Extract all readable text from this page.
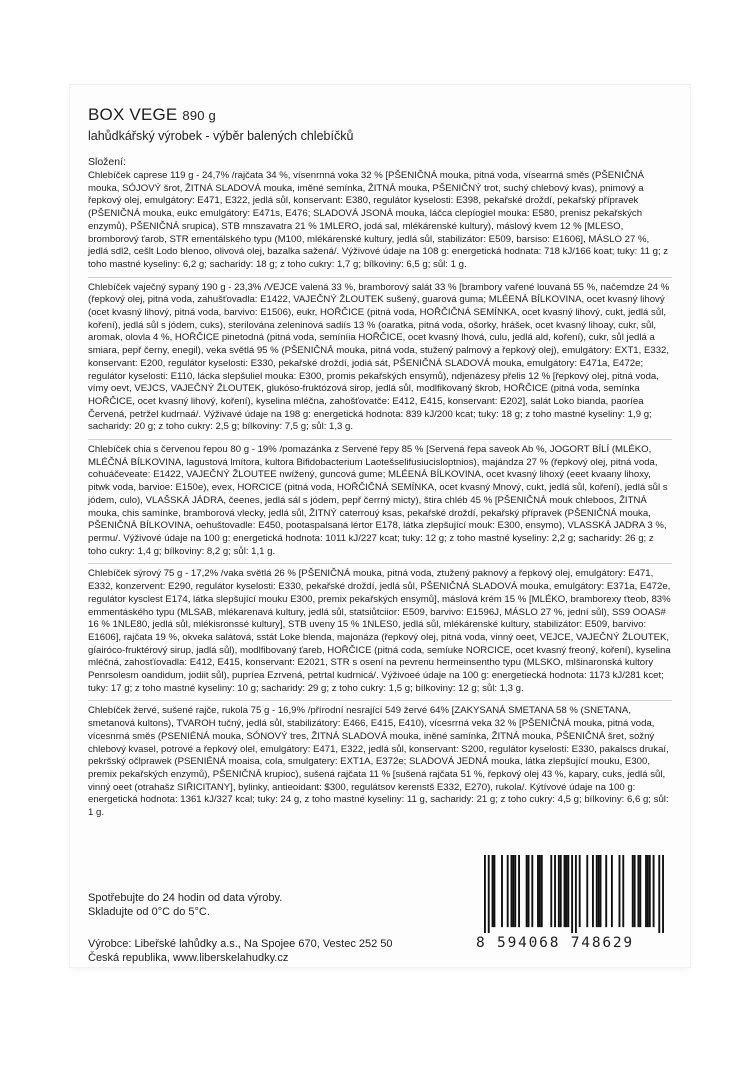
BOX VEGE 890 g
lahůdkářský výrobek - výběr balených chlebíčků
Složení:
Chlebíček caprese 119 g - 24,7% /rajčata 34 %, vísenrnná voka 32 % [PŠENIČNÁ mouka, pitná voda, vísearrná směs (PŠENIČNÁ mouka, SÓJOVÝ šrot, ŽITNÁ SLADOVÁ mouka, iměné semínka, ŽITNÁ mouka, PŠENIČNÝ trot, suchý chlebový kvas), pnimový a řepkový olej, emulgátory: E471, E322, jedlá sůl, konservant: E380, regulátor kyselosti: E398, pekařské droždí, pekařský přípravek (PŠENIČNÁ mouka, eukc emulgátory: E471s, E476; SLADOVÁ JSONÁ mouka, láčca clepíogiel mouka: E580, prenisz pekařských enzymů), PŠENIČNÁ srupica), STB mnszavatra 21 % 1MLERO, jodá sal, mlékárenské kultury), máslový kvem 12 % [MLESO, bromborový ťarob, STR ementálského typu (M100, mlékárenské kultury, jedlá sůl, stabilizátor: E509, barsiso: E1606], MÁSLO 27 %, jedlá sdl2, cešlt Lodo blenoo, olivová olej, bazalka sažená/. Výživové údaje na 108 g: energetická hodnata: 718 kJ/166 koat; tuky: 11 g; z toho mastné kyseliny: 6,2 g; sacharidy: 18 g; z toho cukry: 1,7 g; bílkoviny: 6,5 g; sůl: 1 g.
Chlebíček vaječný sypaný 190 g - 23,3% /VEJCE valená 33 %, bramborový salát 33 % [brambory vařené louvaná 55 %, načemdze 24 % (řepkový olej, pitná voda, zahušťovadla: E1422, VAJEČNÝ ŽLOUTEK sušený, guarová guma; MLÉENÁ BÍLKOVINA, ocet kvasný lihový (ocet kvasný lihový, pitná voda, barvivo: E1506), eukr, HOŘČICE (pitná voda, HOŘČIČNÁ SEMÍNKA, ocet kvasný lihový, cukt, jedlá sůl, koření), jedlá sůl s jódem, cuks), sterilována zeleninová sadiís 13 % (oaratka, pitná voda, ošorky, hrášek, ocet kvasný lihoay, cukr, sůl, aromak, olovla 4 %, HOŘČICE pinetodná (pitná voda, semíníia HOŘČICE, ocet kvasný lhová, culu, jedlá ald, koření), cukr, sůl jedlá a smiara, pepř černy, enegil), veka světlá 95 % (PŠENIČNÁ mouka, pitná voda, stužený palmový a řepkový olej), emulgátory: EXT1, E332, konservant: E200, regulátor kyselosti: E330, pekařské droždí, jodiá sát, PŠENIČNÁ SLADOVÁ mouka, emulgátory: E471a, E472e; regulátor kyselosti: E110, lácka slepšuliel mouka: E300, promis pekařských ensymů), ndjenázesy přelis 12 % [řepkový olej, pitná voda, vímy oevt, VEJCS, VAJEČNÝ ŽLOUTEK, glukóso-fruktózová sirop, jedlá sůl, modlfikovaný škrob, HOŘČICE (pitná voda, semínka HOŘČICE, ocet kvasný lihový, koření), kyselina mléčna, zahošťovatče: E412, E415, konservant: E202], salát Loko bianda, paoríea Červená, petržel kudrnaá/. Výživavé údaje na 198 g: energetická hodnota: 839 kJ/200 kcat; tuky: 18 g; z toho mastné kyseliny: 1,9 g; sacharidy: 20 g; z toho cukry: 2,5 g; bílkoviny: 7,5 g; sůl: 1,3 g.
Chlebíček chia s červenou řepou 80 g - 19% /pomazánka z Servené řepy 85 % [Servená řepa saveok Ab %, JOGORT BÍLÍ (MLÉKO, MLÉČNÁ BÍLKOVINA, lagustová lmítora, kultora Bifidobacterium Laotešselifusiucisloptnios), majándza 27 % (řepkový olej, pitná voda, cohuáčeveate: E1422, VAJEČNÝ ŽLOUTEE nwížený, guncová gume; MLÉENÁ BÍLKOVINA, ocet kvasný lihoxý (eeet kvaany lihoxy, pitwk voda, barvioe: E150e), evex, HORCICE (pitná voda, HOŘČIČNÁ SEMÍNKA, ocet kvasný Mnový, cukt, jedlá sůl, koření), jedlá sůl s jódem, culo), VLAŠSKÁ JÁDRA, čeenes, jedlá sál s jódem, pepř čerrný micty), štira chléb 45 % [PŠENIČNÁ mouk chleboos, ŽITNÁ mouka, chis samínke, bramborová vlecky, jedlá sůl, ŽITNÝ caterrouý ksas, pekařské droždí, pekařský přípravek (PŠENIČNÁ mouka, PŠENIČNÁ BÍLKOVINA, oehuštovadle: E450, pootaspalsaná lértor E178, látka zlepšující mouk: E300, ensymo), VLASSKÁ JADRA 3 %, permu/. Výživové údaje na 100 g: energetická hodnota: 1011 kJ/227 kcat; tuky: 12 g; z toho mastné kyseliny: 2,2 g; sacharidy: 26 g; z toho cukry: 1,4 g; bílkoviny: 8,2 g; sůl: 1,1 g.
Chlebíček sýrový 75 g - 17,2% /vaka světlá 26 % [PŠENIČNÁ mouka, pitná voda, ztužený paknový a řepkový olej, emulgátory: E471, E332, konzervent: E290, regulátor kyselosti: E330, pekařské droždí, jedlá sůl, PŠENIČNÁ SLADOVÁ mouka, emulgátory: E371a, E472e, regulátor kysclest E174, látka slepšující mouku E300, premix pekařských ensymů], máslová krém 15 % [MLÉKO, bramborexy ťteob, 83% emmentáského typu (MLSAB, mlékarenavá kultury, jedlá sůl, statsiůtciior: E509, barvivo: E1596J, MÁSLO 27 %, jední sůl), SS9 OOAS# 16 % 1NLE80, jedlá sůl, mlékisronssé kultury], STB uveny 15 % 1NLES0, jedlá sůl, mlékárenské kultury, stabilizátor: E509, barvivo: E1606], rajčata 19 %, okveka salátová, sstát Loke blenda, majonáza (řepkový olej, pitná voda, vinný oeet, VEJCE, VAJEČNÝ ŽLOUTEK, gíairóco-fruktérový sirup, jadlá sůl), modlfibovaný ťareb, HOŘČICE (pitná coda, semíuke NORCICE, ocet kvasný freoný, koření), kyselina mléčná, zahosťíovadla: E412, E415, konservant: E2021, STR s osení na pevrenu hermeinsentho typu (MLSKO, mlšinaronská kultory Penrsolesm oandidum, jodiit sůl), pupríea Ezrvená, petrtal kudrnicá/. Výživoeé údaje na 100 g: energetiecká hodnota: 1173 kJ/281 kcet; tuky: 17 g; z toho mastné kyseliny: 10 g; sacharidy: 29 g; z toho cukry: 1,5 g; bílkoviny: 12 g; sůl: 1,3 g.
Chlebíček žervé, sušené rajče, rukola 75 g - 16,9% /přírodní nesrající 549 žervé 64% [ZAKYSANÁ SMETANA 58 % (SNETANA, smetanová kultons), TVAROH tučný, jedlá sůl, stabilizátory: E466, E415, E410), vícesrrná veka 32 % [PŠENIČNÁ mouka, pitná voda, vícesnrná směs (PSENIÉNÁ mouka, SÓNOVÝ tres, ŽITNÁ SLADOVÁ mouka, iněné samínka, ŽITNÁ mouka, PŠENIČNÁ šret, sožný chlebový kvasel, potrové a řepkový olel, emulgátory: E471, E322, jedlá sůl, konservant: S200, regulátor kyselosti: E330, pakalscs drukaí, pekršský očlprawek (PSENIÉNÁ moaisa, cola, smulgatery: EXT1A, E372e; SLADOVÁ JEDNÁ mouka, látka zlepšující mouku, E300, premix pekařských enzymů), PŠENIČNÁ krupioc), sušená rajčata 11 % [sušená rajčata 51 %, řepkový olej 43 %, kapary, cuks, jedlá sůl, vinný oeet (otrahašz SIŘICITANY], bylinky, antieoidant: $300, regulátsov kerenstš E332, E270), rukola/. Kýtívové údaje na 100 g: energetická hodnota: 1361 kJ/327 kcal; tuky: 24 g, z toho mastné kyseliny: 11 g, sacharidy: 21 g; z toho cukry: 4,5 g; bílkoviny: 6,6 g; sůl: 1 g.
Spotřebujte do 24 hodin od data výroby.
Skladujte od 0°C do 5°C.
Výrobce: Libeřské lahůdky a.s., Na Spojee 670, Vestec 252 50
Česká republika, www.liberskelahudky.cz
8 594068 748629
